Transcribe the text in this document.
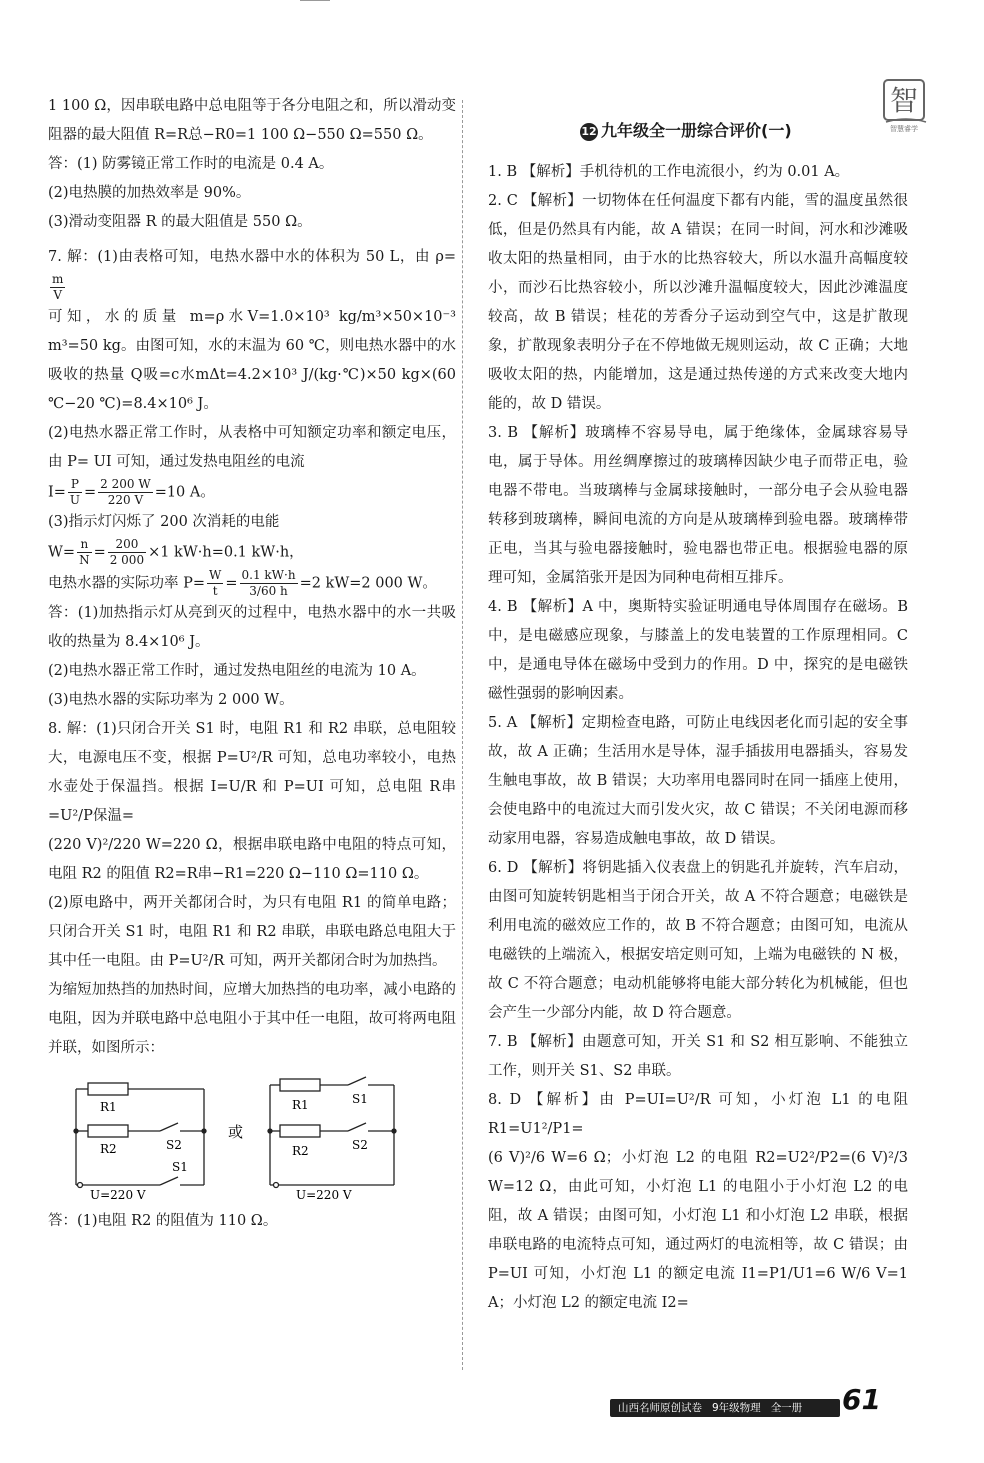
智
智慧睿学

1 100 Ω，因串联电路中总电阻等于各分电阻之和，所以滑动变阻器的最大阻值 R=R总−R0=1 100 Ω−550 Ω=550 Ω。

答：(1) 防雾镜正常工作时的电流是 0.4 A。

(2)电热膜的加热效率是 90%。

(3)滑动变阻器 R 的最大阻值是 550 Ω。

7. 解：(1)由表格可知，电热水器中水的体积为 50 L，由 ρ=
$\frac{m}{V}$

可知，水的质量 m=ρ水V=1.0×10³ kg/m³×50×10⁻³ m³=50 kg。由图可知，水的末温为 60 ℃，则电热水器中的水吸收的热量 Q吸=c水mΔt=4.2×10³ J/(kg·℃)×50 kg×(60 ℃−20 ℃)=8.4×10⁶ J。

(2)电热水器正常工作时，从表格中可知额定功率和额定电压，由 P= UI 可知，通过发热电阻丝的电流

$I= \frac{P}{U} = \frac{2 200 W}{220 V} =10$ A。

(3)指示灯闪烁了 200 次消耗的电能

$W= \frac{n}{N} = \frac{200}{2 000} \times 1$ kW·h=0.1 kW·h，

电热水器的实际功率 $P= \frac{W}{t} = \frac{0.1 kW\cdot h}{3/60 h} =2$ kW=2 000 W。

答：(1)加热指示灯从亮到灭的过程中，电热水器中的水一共吸收的热量为 8.4×10⁶ J。

(2)电热水器正常工作时，通过发热电阻丝的电流为 10 A。

(3)电热水器的实际功率为 2 000 W。

8. 解：(1)只闭合开关 S1 时，电阻 R1 和 R2 串联，总电阻较大，电源电压不变，根据 P=U²/R 可知，总电功率较小，电热水壶处于保温挡。根据 I=U/R 和 P=UI 可知，总电阻 R串=U²/P保温=

(220 V)²/220 W=220 Ω，根据串联电路中电阻的特点可知，电阻 R2 的阻值 R2=R串−R1=220 Ω−110 Ω=110 Ω。

(2)原电路中，两开关都闭合时，为只有电阻 R1 的简单电路；只闭合开关 S1 时，电阻 R1 和 R2 串联，串联电路总电阻大于其中任一电阻。由 P=U²/R 可知，两开关都闭合时为加热挡。

为缩短加热挡的加热时间，应增大加热挡的电功率，减小电路的电阻，因为并联电路中总电阻小于其中任一电阻，故可将两电阻并联，如图所示：

R1
R2	S2
S1
U=220 V
或
R1
R2
S1
S2
U=220 V

答：(1)电阻 R2 的阻值为 110 Ω。

12 九年级全一册综合评价(一)

1. B 【解析】手机待机的工作电流很小，约为 0.01 A。

2. C 【解析】一切物体在任何温度下都有内能，雪的温度虽然很低，但是仍然具有内能，故 A 错误；在同一时间，河水和沙滩吸收太阳的热量相同，由于水的比热容较大，所以水温升高幅度较小，而沙石比热容较小，所以沙滩升温幅度较大，因此沙滩温度较高，故 B 错误；桂花的芳香分子运动到空气中，这是扩散现象，扩散现象表明分子在不停地做无规则运动，故 C 正确；大地吸收太阳的热，内能增加，这是通过热传递的方式来改变大地内能的，故 D 错误。

3. B 【解析】玻璃棒不容易导电，属于绝缘体，金属球容易导电，属于导体。用丝绸摩擦过的玻璃棒因缺少电子而带正电，验电器不带电。当玻璃棒与金属球接触时，一部分电子会从验电器转移到玻璃棒，瞬间电流的方向是从玻璃棒到验电器。玻璃棒带正电，当其与验电器接触时，验电器也带正电。根据验电器的原理可知，金属箔张开是因为同种电荷相互排斥。

4. B 【解析】A 中，奥斯特实验证明通电导体周围存在磁场。B 中，是电磁感应现象，与膝盖上的发电装置的工作原理相同。C 中，是通电导体在磁场中受到力的作用。D 中，探究的是电磁铁磁性强弱的影响因素。

5. A 【解析】定期检查电路，可防止电线因老化而引起的安全事故，故 A 正确；生活用水是导体，湿手插拔用电器插头，容易发生触电事故，故 B 错误；大功率用电器同时在同一插座上使用，会使电路中的电流过大而引发火灾，故 C 错误；不关闭电源而移动家用电器，容易造成触电事故，故 D 错误。

6. D 【解析】将钥匙插入仪表盘上的钥匙孔并旋转，汽车启动，由图可知旋转钥匙相当于闭合开关，故 A 不符合题意；电磁铁是利用电流的磁效应工作的，故 B 不符合题意；由图可知，电流从电磁铁的上端流入，根据安培定则可知，上端为电磁铁的 N 极，故 C 不符合题意；电动机能够将电能大部分转化为机械能，但也会产生一少部分内能，故 D 符合题意。

7. B 【解析】由题意可知，开关 S1 和 S2 相互影响、不能独立工作，则开关 S1、S2 串联。

8. D 【解析】由 P=UI=U²/R 可知，小灯泡 L1 的电阻 R1=U1²/P1=

(6 V)²/6 W=6 Ω；小灯泡 L2 的电阻 R2=U2²/P2=(6 V)²/3 W=12 Ω，由此可知，小灯泡 L1 的电阻小于小灯泡 L2 的电阻，故 A 错误；由图可知，小灯泡 L1 和小灯泡 L2 串联，根据串联电路的电流特点可知，通过两灯的电流相等，故 C 错误；由 P=UI 可知，小灯泡 L1 的额定电流 I1=P1/U1=6 W/6 V=1 A；小灯泡 L2 的额定电流 I2=

山西名师原创试卷 9年级物理 全一册	61
